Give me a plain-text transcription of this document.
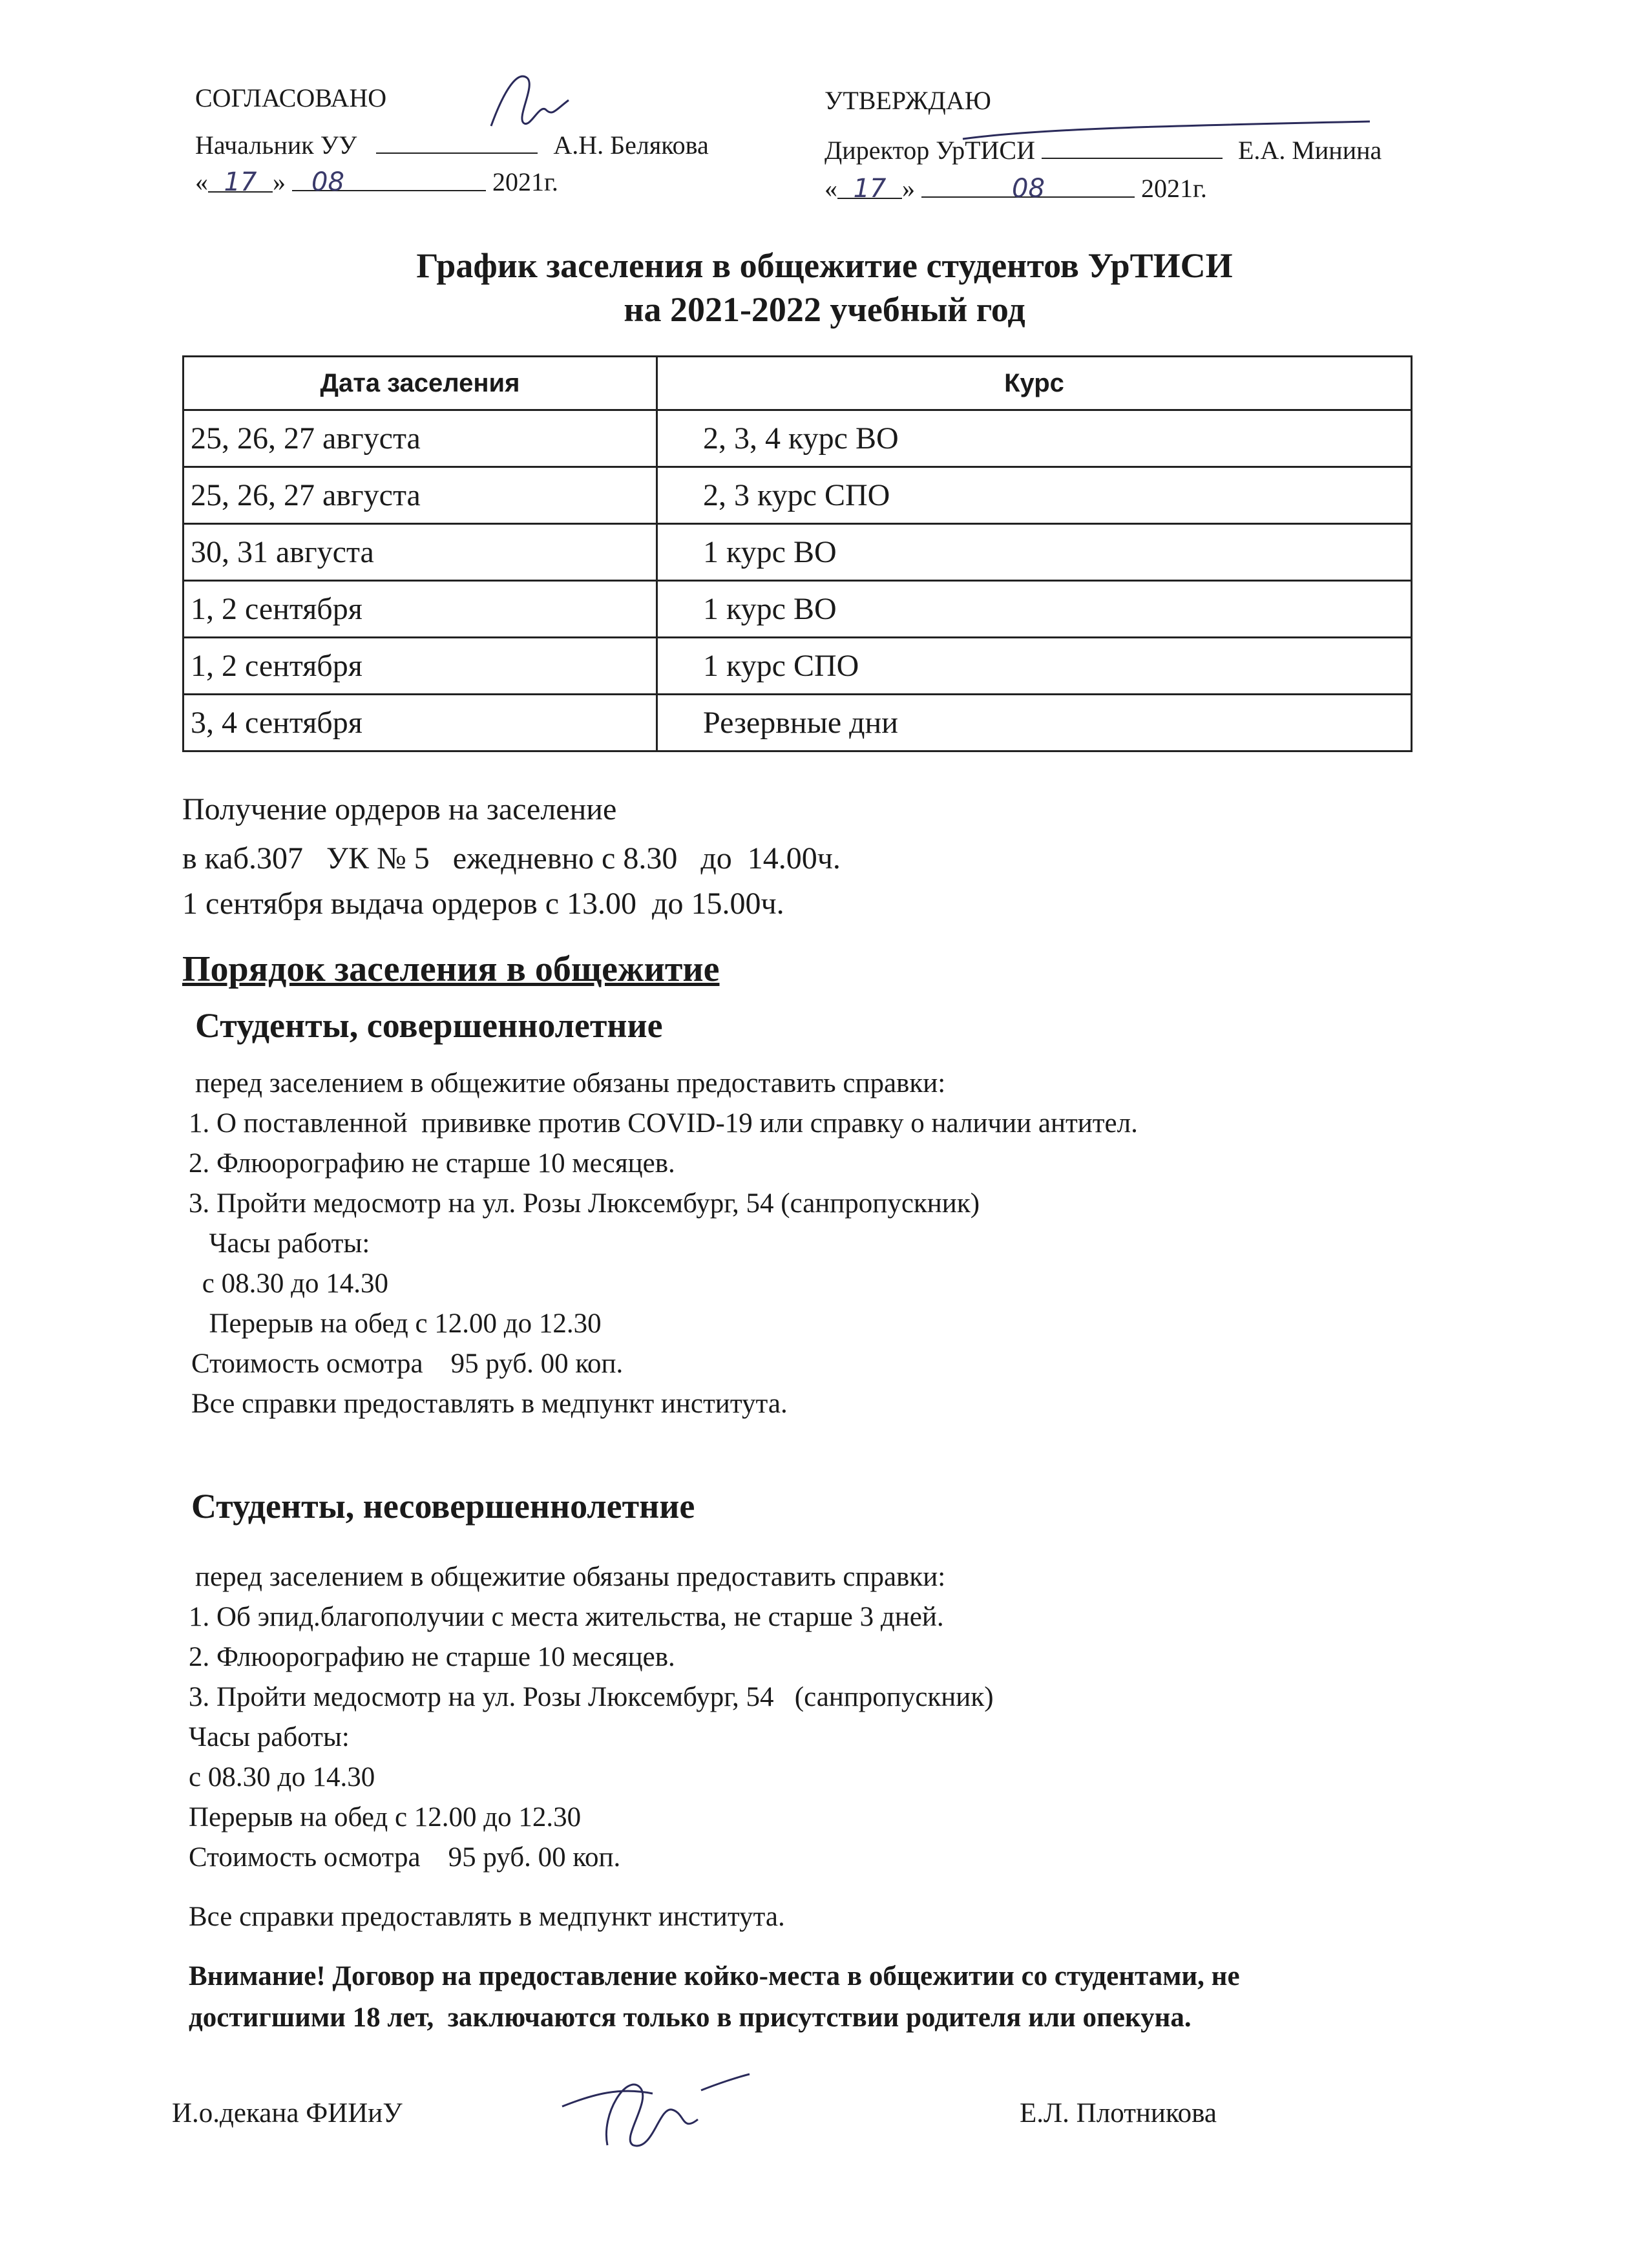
СОГЛАСОВАНО
Начальник УУ	А.Н. Белякова
« 17 » 08	2021г.
УТВЕРЖДАЮ
Директор УрТИСИ	Е.А. Минина
« 17 »	08	2021г.
График заселения в общежитие студентов УрТИСИ
на 2021-2022 учебный год
Дата заселения	Курс
25, 26, 27 августа	2, 3, 4 курс ВО
25, 26, 27 августа	2, 3 курс СПО
30, 31 августа	1 курс ВО
1, 2 сентября	1 курс ВО
1, 2 сентября	1 курс СПО
3, 4 сентября	Резервные дни
Получение ордеров на заселение
в каб.307   УК № 5   ежедневно с 8.30   до  14.00ч.
1 сентября выдача ордеров с 13.00  до 15.00ч.
Порядок заселения в общежитие
Студенты, совершеннолетние
перед заселением в общежитие обязаны предоставить справки:
1. О поставленной  прививке против COVID-19 или справку о наличии антител.
2. Флюорографию не старше 10 месяцев.
3. Пройти медосмотр на ул. Розы Люксембург, 54 (санпропускник)
Часы работы:
с 08.30 до 14.30
Перерыв на обед с 12.00 до 12.30
Стоимость осмотра    95 руб. 00 коп.
Все справки предоставлять в медпункт института.
Студенты, несовершеннолетние
перед заселением в общежитие обязаны предоставить справки:
1. Об эпид.благополучии с места жительства, не старше 3 дней.
2. Флюорографию не старше 10 месяцев.
3. Пройти медосмотр на ул. Розы Люксембург, 54   (санпропускник)
Часы работы:
с 08.30 до 14.30
Перерыв на обед с 12.00 до 12.30
Стоимость осмотра    95 руб. 00 коп.
Все справки предоставлять в медпункт института.
Внимание! Договор на предоставление койко-места в общежитии со студентами, не
достигшими 18 лет,  заключаются только в присутствии родителя или опекуна.
И.о.декана ФИИиУ	Е.Л. Плотникова
